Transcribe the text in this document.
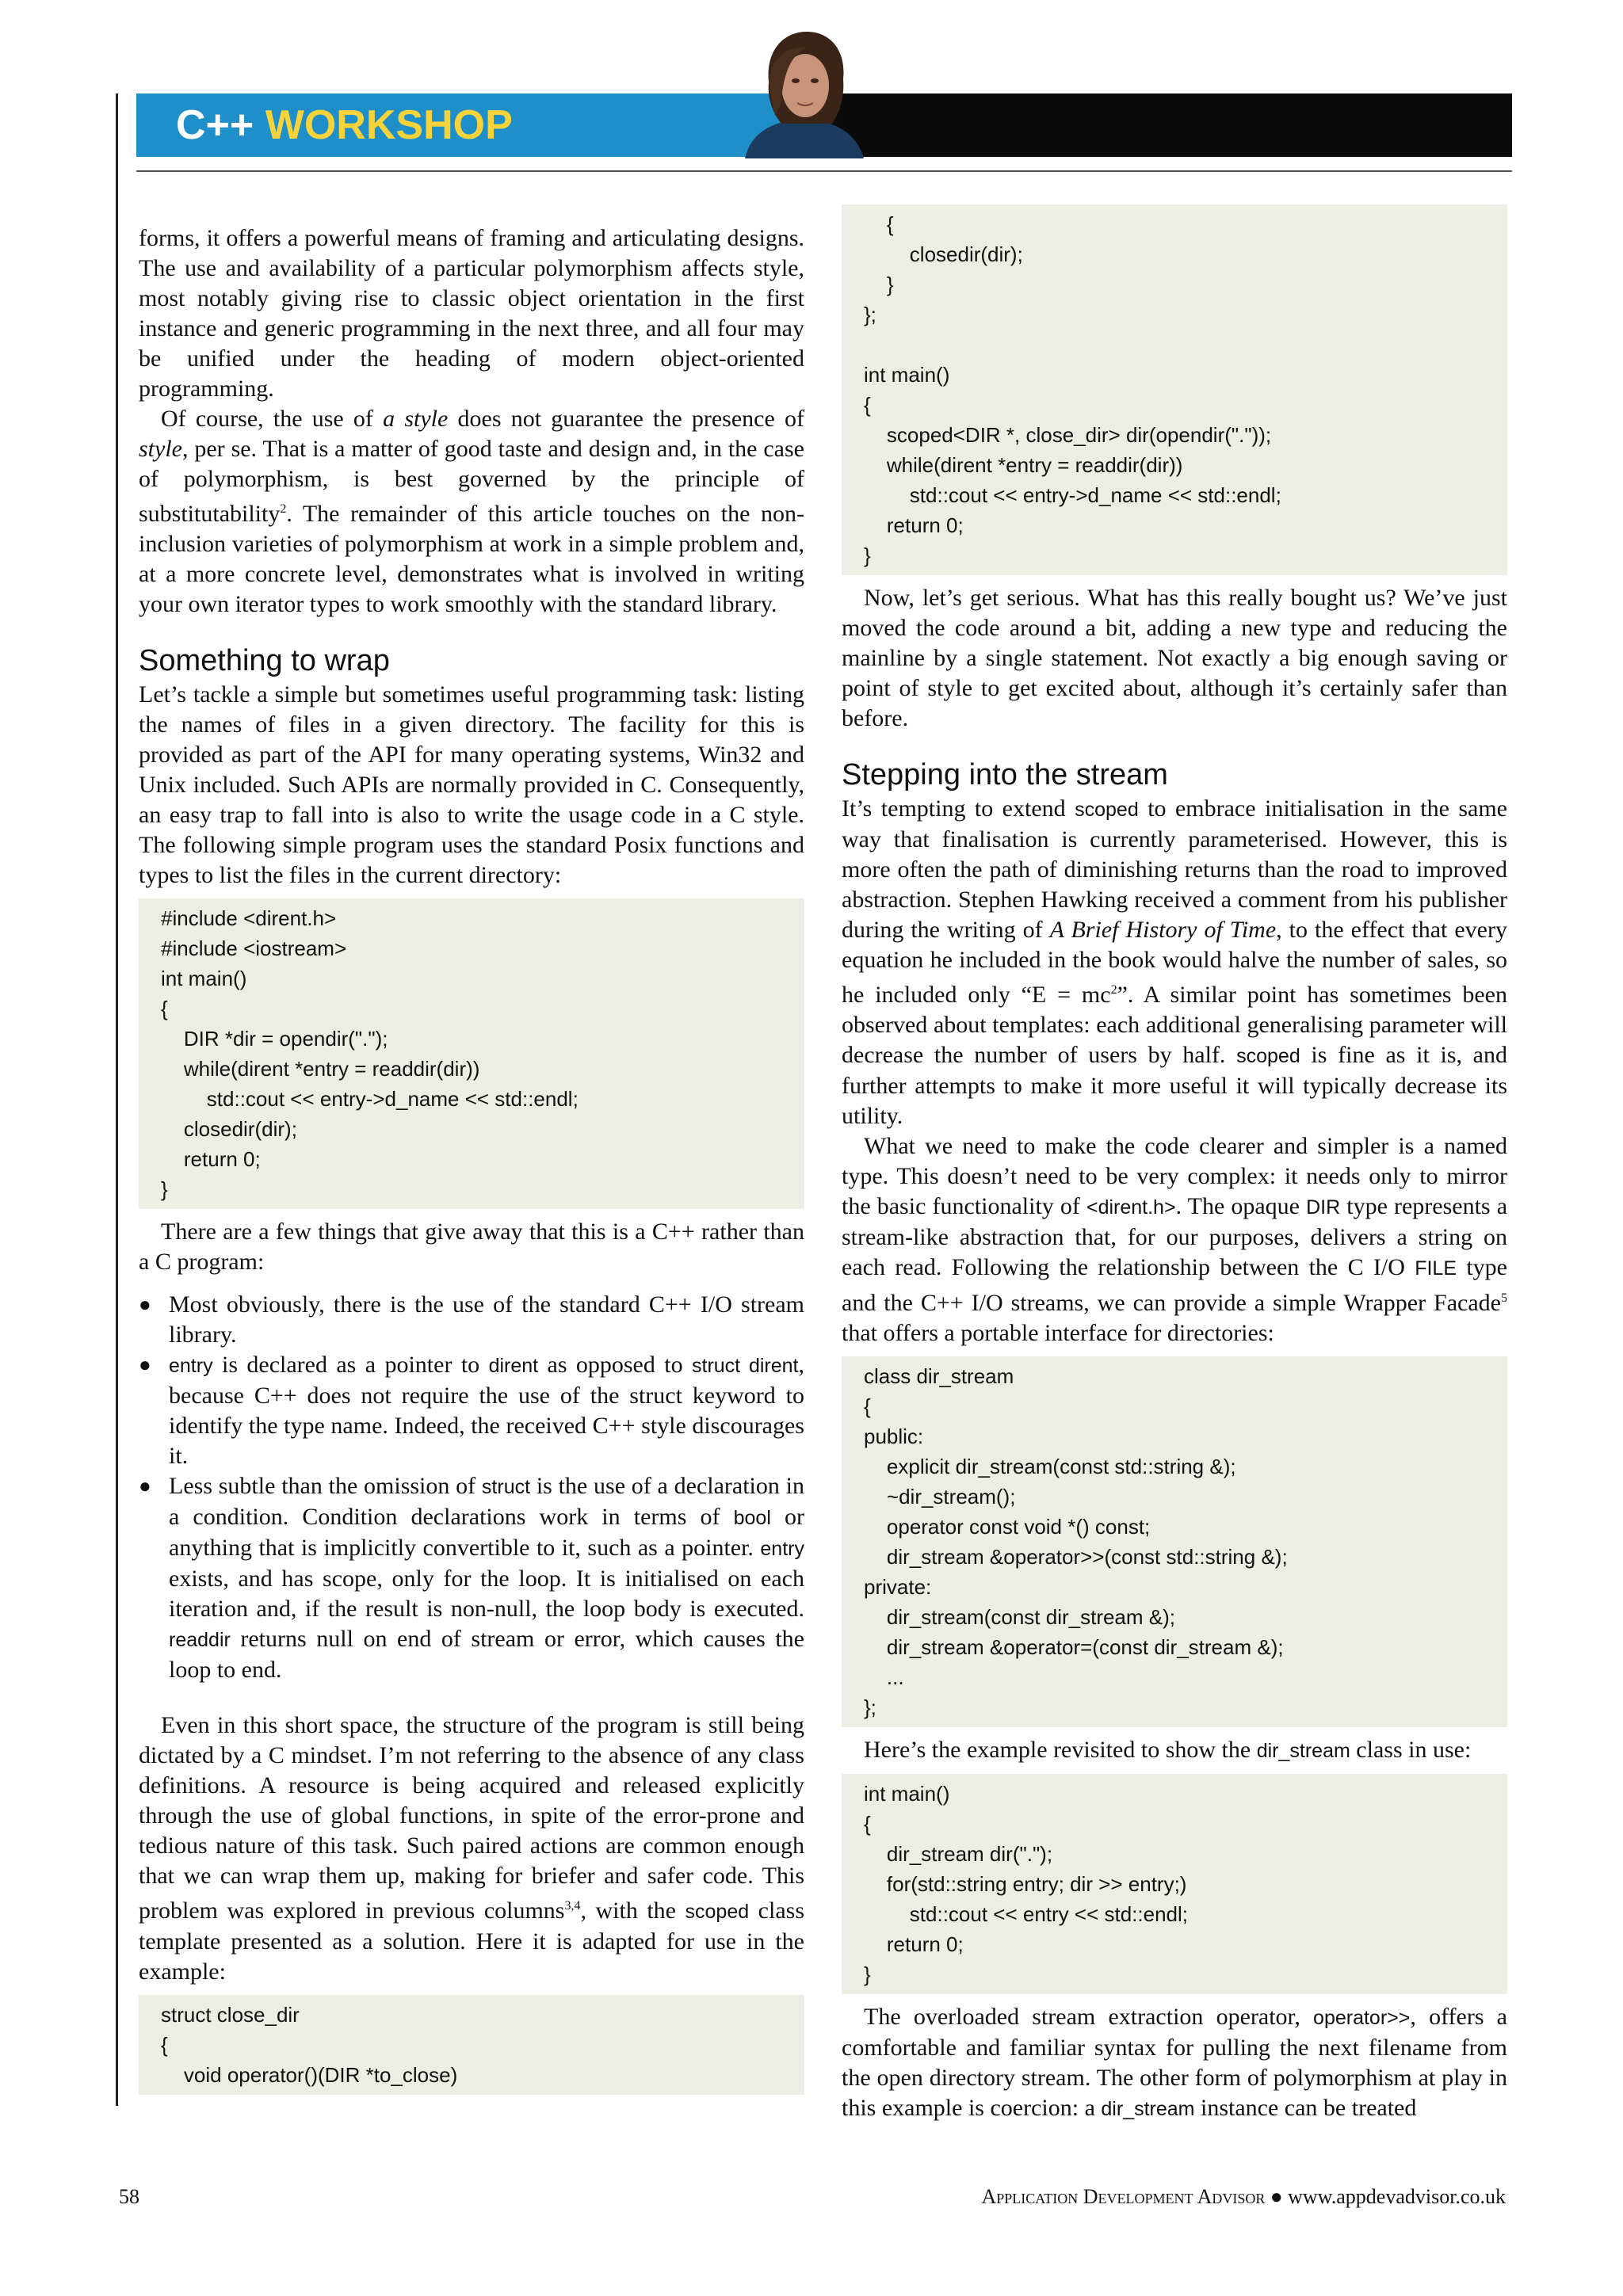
C++ WORKSHOP

forms, it offers a powerful means of framing and articulating designs. The use and availability of a particular polymorphism affects style, most notably giving rise to classic object orientation in the first instance and generic programming in the next three, and all four may be unified under the heading of modern object-oriented programming.

Of course, the use of a style does not guarantee the presence of style, per se. That is a matter of good taste and design and, in the case of polymorphism, is best governed by the principle of substitutability$^2$. The remainder of this article touches on the non-inclusion varieties of polymorphism at work in a simple problem and, at a more concrete level, demonstrates what is involved in writing your own iterator types to work smoothly with the standard library.

Something to wrap

Let’s tackle a simple but sometimes useful programming task: listing the names of files in a given directory. The facility for this is provided as part of the API for many operating systems, Win32 and Unix included. Such APIs are normally provided in C. Consequently, an easy trap to fall into is also to write the usage code in a C style. The following simple program uses the standard Posix functions and types to list the files in the current directory:

#include <dirent.h>
#include <iostream>
int main()
{
DIR *dir = opendir(".");
while(dirent *entry = readdir(dir))
std::cout << entry->d_name << std::endl;
closedir(dir);
return 0;
}

There are a few things that give away that this is a C++ rather than a C program:

● Most obviously, there is the use of the standard C++ I/O stream library.
● entry is declared as a pointer to dirent as opposed to struct dirent, because C++ does not require the use of the struct keyword to identify the type name. Indeed, the received C++ style discourages it.
● Less subtle than the omission of struct is the use of a declaration in a condition. Condition declarations work in terms of bool or anything that is implicitly convertible to it, such as a pointer. entry exists, and has scope, only for the loop. It is initialised on each iteration and, if the result is non-null, the loop body is executed. readdir returns null on end of stream or error, which causes the loop to end.

Even in this short space, the structure of the program is still being dictated by a C mindset. I’m not referring to the absence of any class definitions. A resource is being acquired and released explicitly through the use of global functions, in spite of the error-prone and tedious nature of this task. Such paired actions are common enough that we can wrap them up, making for briefer and safer code. This problem was explored in previous columns$^{3,4}$, with the scoped class template presented as a solution. Here it is adapted for use in the example:

struct close_dir
{
void operator()(DIR *to_close)
{
closedir(dir);
}
};

int main()
{
scoped<DIR *, close_dir> dir(opendir("."));
while(dirent *entry = readdir(dir))
std::cout << entry->d_name << std::endl;
return 0;
}

Now, let’s get serious. What has this really bought us? We’ve just moved the code around a bit, adding a new type and reducing the mainline by a single statement. Not exactly a big enough saving or point of style to get excited about, although it’s certainly safer than before.

Stepping into the stream

It’s tempting to extend scoped to embrace initialisation in the same way that finalisation is currently parameterised. However, this is more often the path of diminishing returns than the road to improved abstraction. Stephen Hawking received a comment from his publisher during the writing of A Brief History of Time, to the effect that every equation he included in the book would halve the number of sales, so he included only “$E = mc^2$”. A similar point has sometimes been observed about templates: each additional generalising parameter will decrease the number of users by half. scoped is fine as it is, and further attempts to make it more useful it will typically decrease its utility.

What we need to make the code clearer and simpler is a named type. This doesn’t need to be very complex: it needs only to mirror the basic functionality of <dirent.h>. The opaque DIR type represents a stream-like abstraction that, for our purposes, delivers a string on each read. Following the relationship between the C I/O FILE type and the C++ I/O streams, we can provide a simple Wrapper Facade$^5$ that offers a portable interface for directories:

class dir_stream
{
public:
explicit dir_stream(const std::string &);
~dir_stream();
operator const void *() const;
dir_stream &operator>>(const std::string &);
private:
dir_stream(const dir_stream &);
dir_stream &operator=(const dir_stream &);
...
};

Here’s the example revisited to show the dir_stream class in use:

int main()
{
dir_stream dir(".");
for(std::string entry; dir >> entry;)
std::cout << entry << std::endl;
return 0;
}

The overloaded stream extraction operator, operator>>, offers a comfortable and familiar syntax for pulling the next filename from the open directory stream. The other form of polymorphism at play in this example is coercion: a dir_stream instance can be treated

58	Application Development Advisor ● www.appdevadvisor.co.uk
